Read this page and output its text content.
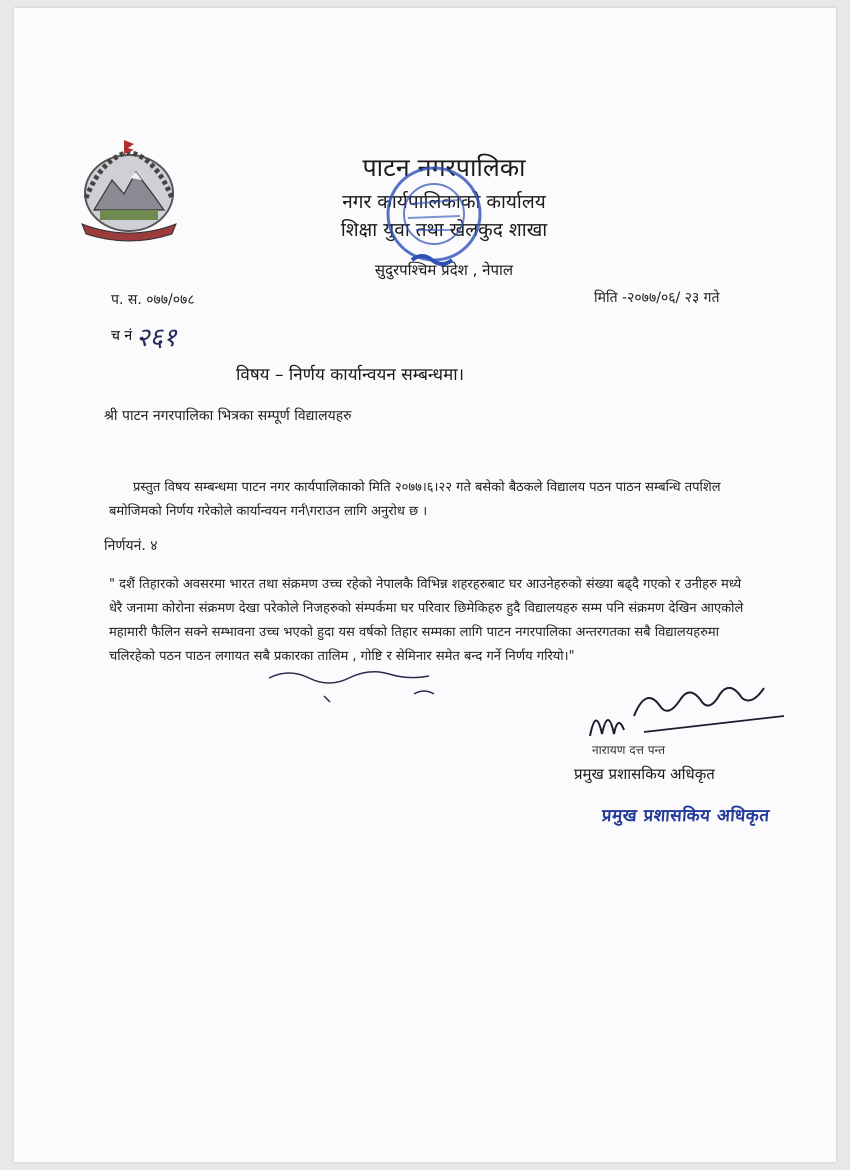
पाटन नगरपालिका
नगर कार्यपालिकाको कार्यालय
शिक्षा युवा तथा खेलकुद शाखा
सुदुरपश्चिम प्रदेश , नेपाल
प. स. ०७७/०७८	मिति -२०७७/०६/ २३ गते
च नं २६१
विषय – निर्णय कार्यान्वयन सम्बन्धमा।
श्री पाटन नगरपालिका भित्रका सम्पूर्ण विद्यालयहरु
प्रस्तुत विषय सम्बन्धमा पाटन नगर कार्यपालिकाको मिति २०७७।६।२२ गते बसेको बैठकले विद्यालय पठन पाठन सम्बन्धि तपशिल बमोजिमको निर्णय गरेकोले कार्यान्वयन गर्न\गराउन लागि अनुरोध छ ।
निर्णयनं. ४
" दशैं तिहारको अवसरमा भारत तथा संक्रमण उच्च रहेको नेपालकै विभिन्न शहरहरुबाट घर आउनेहरुको संख्या बढ्दै गएको र उनीहरु मध्ये धेरै जनामा कोरोना संक्रमण देखा परेकोले निजहरुको संम्पर्कमा घर परिवार छिमेकिहरु हुदै विद्यालयहरु सम्म पनि संक्रमण देखिन आएकोले महामारी फैलिन सक्ने सम्भावना उच्च भएको हुदा यस वर्षको तिहार सम्मका लागि पाटन नगरपालिका अन्तरगतका सबै विद्यालयहरुमा चलिरहेको पठन पाठन लगायत सबै प्रकारका तालिम , गोष्टि र सेमिनार समेत बन्द गर्ने निर्णय गरियो।"
नारायण दत्त पन्त
प्रमुख प्रशासकिय अधिकृत
प्रमुख प्रशासकिय अधिकृत
